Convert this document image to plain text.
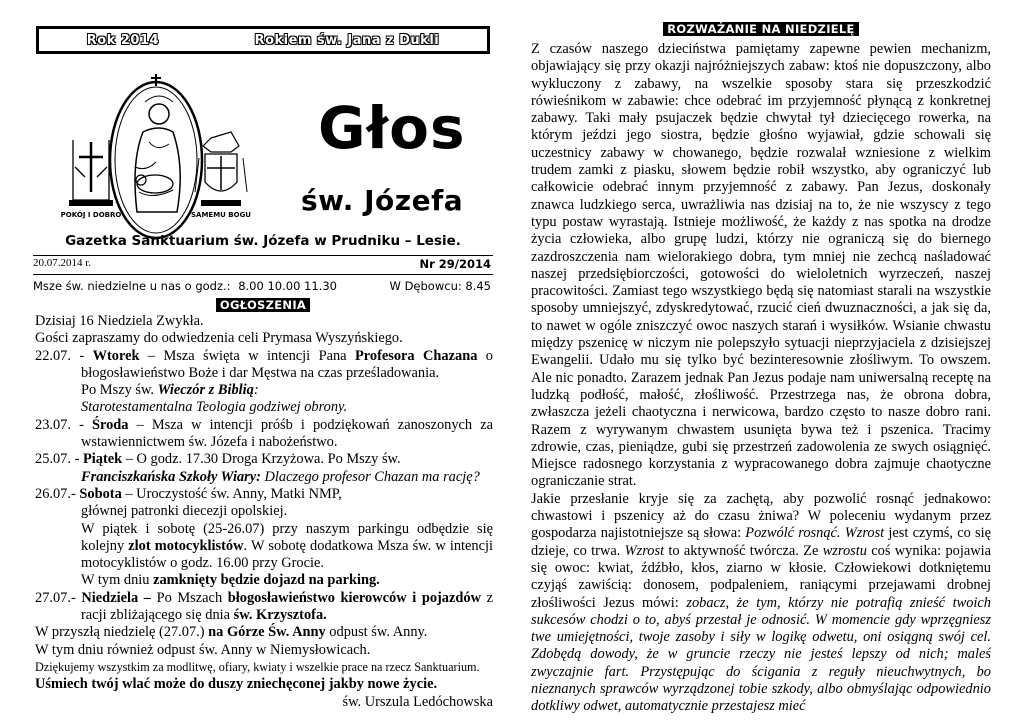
Rok 2014	Rokiem św. Jana z Dukli
POKÓJ I DOBRO	SAMEMU BOGU
Głos
św. Józefa
Gazetka Sanktuarium św. Józefa w Prudniku – Lesie.
20.07.2014 r.	Nr 29/2014
Msze św. niedzielne u nas o godz.: 8.00 10.00 11.30	W Dębowcu: 8.45
OGŁOSZENIA

Dzisiaj 16 Niedziela Zwykła.

Gości zapraszamy do odwiedzenia celi Prymasa Wyszyńskiego.

22.07. - Wtorek – Msza święta w intencji Pana Profesora Chazana o błogosławieństwo Boże i dar Męstwa na czas prześladowania.

Po Mszy św. Wieczór z Biblią:

Starotestamentalna Teologia godziwej obrony.

23.07. - Środa – Msza w intencji próśb i podziękowań zanoszonych za wstawiennictwem św. Józefa i nabożeństwo.

25.07. - Piątek – O godz. 17.30 Droga Krzyżowa. Po Mszy św.

Franciszkańska Szkoły Wiary: Dlaczego profesor Chazan ma rację?

26.07.- Sobota – Uroczystość św. Anny, Matki NMP,

głównej patronki diecezji opolskiej.

W piątek i sobotę (25-26.07) przy naszym parkingu odbędzie się kolejny zlot motocyklistów. W sobotę dodatkowa Msza św. w intencji motocyklistów o godz. 16.00 przy Grocie.

W tym dniu zamknięty będzie dojazd na parking.

27.07.- Niedziela – Po Mszach błogosławieństwo kierowców i pojazdów z racji zbliżającego się dnia św. Krzysztofa.

W przyszłą niedzielę (27.07.) na Górze Św. Anny odpust św. Anny.

W tym dniu również odpust św. Anny w Niemysłowicach.

Dziękujemy wszystkim za modlitwę, ofiary, kwiaty i wszelkie prace na rzecz Sanktuarium.

Uśmiech twój wlać może do duszy zniechęconej jakby nowe życie.

św. Urszula Ledóchowska

ROZWAŻANIE NA NIEDZIELĘ

Z czasów naszego dzieciństwa pamiętamy zapewne pewien mechanizm, objawiający się przy okazji najróżniejszych zabaw: ktoś nie dopuszczony, albo wykluczony z zabawy, na wszelkie sposoby stara się przeszkodzić rówieśnikom w zabawie: chce odebrać im przyjemność płynącą z konkretnej zabawy. Taki mały psujaczek będzie chwytał tył dziecięcego rowerka, na którym jeździ jego siostra, będzie głośno wyjawiał, gdzie schowali się uczestnicy zabawy w chowanego, będzie rozwalał wzniesione z wielkim trudem zamki z piasku, słowem będzie robił wszystko, aby ograniczyć lub całkowicie odebrać innym przyjemność z zabawy. Pan Jezus, doskonały znawca ludzkiego serca, uwrażliwia nas dzisiaj na to, że nie wszyscy z tego typu postaw wyrastają. Istnieje możliwość, że każdy z nas spotka na drodze życia człowieka, albo grupę ludzi, którzy nie ograniczą się do biernego zazdroszczenia nam wielorakiego dobra, tym mniej nie zechcą naśladować naszej przedsiębiorczości, gotowości do wieloletnich wyrzeczeń, naszej pracowitości. Zamiast tego wszystkiego będą się natomiast starali na wszystkie sposoby umniejszyć, zdyskredytować, rzucić cień dwuznaczności, a jak się da, to nawet w ogóle zniszczyć owoc naszych starań i wysiłków. Wsianie chwastu między pszenicę w niczym nie polepszyło sytuacji nieprzyjaciela z dzisiejszej Ewangelii. Udało mu się tylko być bezinteresownie złośliwym. To owszem. Ale nic ponadto. Zarazem jednak Pan Jezus podaje nam uniwersalną receptę na ludzką podłość, małość, złośliwość. Przestrzega nas, że obrona dobra, zwłaszcza jeżeli chaotyczna i nerwicowa, bardzo często to nasze dobro rani. Razem z wyrywanym chwastem usunięta bywa też i pszenica. Tracimy zdrowie, czas, pieniądze, gubi się przestrzeń zadowolenia ze swych osiągnięć. Miejsce radosnego korzystania z wypracowanego dobra zajmuje chaotyczne ograniczanie strat.

Jakie przesłanie kryje się za zachętą, aby pozwolić rosnąć jednakowo: chwastowi i pszenicy aż do czasu żniwa? W poleceniu wydanym przez gospodarza najistotniejsze są słowa: Pozwólć rosnąć. Wzrost jest czymś, co się dzieje, co trwa. Wzrost to aktywność twórcza. Ze wzrostu coś wynika: pojawia się owoc: kwiat, źdźbło, kłos, ziarno w kłosie. Człowiekowi dotkniętemu czyjąś zawiścią: donosem, podpaleniem, raniącymi przejawami drobnej złośliwości Jezus mówi: zobacz, że tym, którzy nie potrafią znieść twoich sukcesów chodzi o to, abyś przestał je odnosić. W momencie gdy wprzęgniesz twe umiejętności, twoje zasoby i siły w logikę odwetu, oni osiągną swój cel. Zdobędą dowody, że w gruncie rzeczy nie jesteś lepszy od nich; maleś zwyczajnie fart. Przystępując do ścigania z reguły nieuchwytnych, bo nieznanych sprawców wyrządzonej tobie szkody, albo obmyślając odpowiednio dotkliwy odwet, automatycznie przestajesz mieć
